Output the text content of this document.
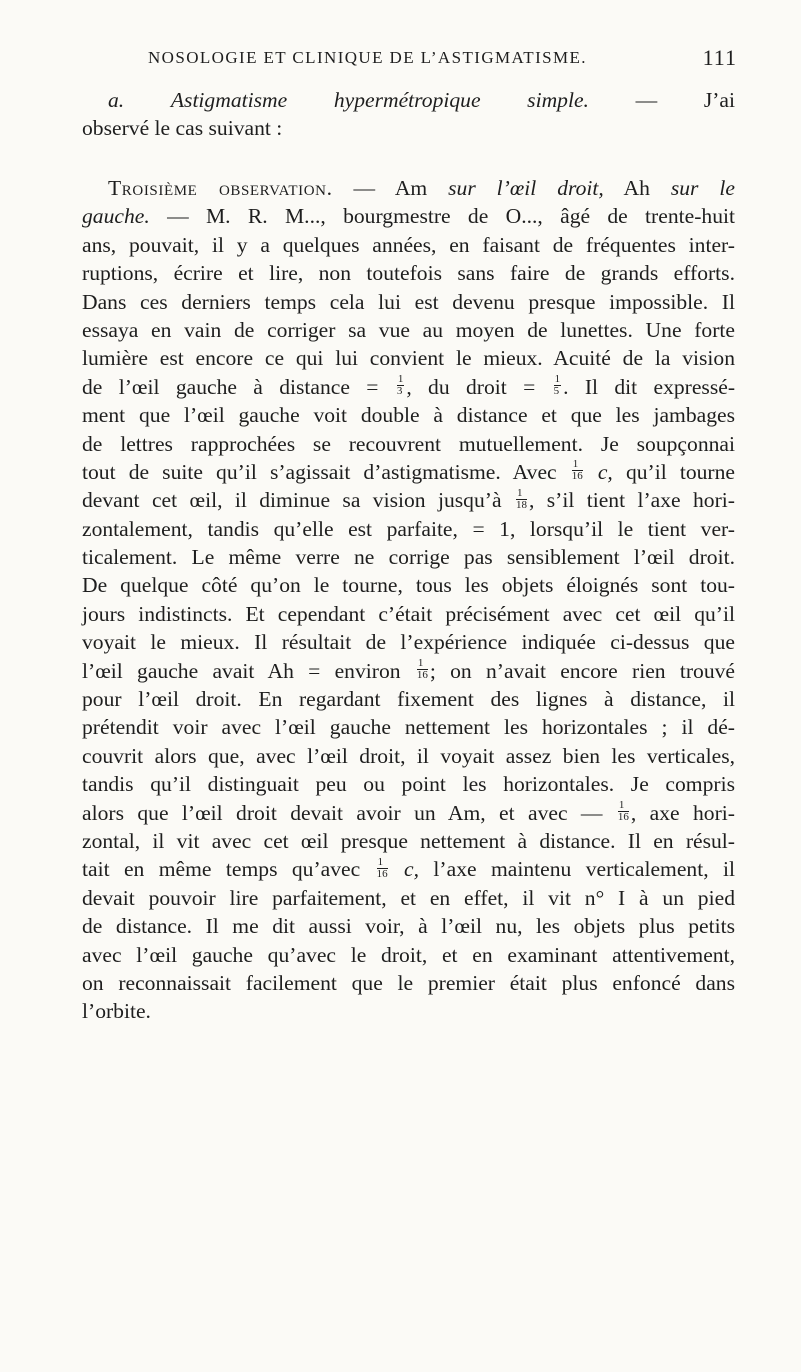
NOSOLOGIE ET CLINIQUE DE L’ASTIGMATISME.	111
a. Astigmatisme hypermétropique simple. — J’ai
observé le cas suivant :
Troisième observation. — Am sur l’œil droit, Ah sur le
gauche. — M. R. M..., bourgmestre de O..., âgé de trente-huit
ans, pouvait, il y a quelques années, en faisant de fréquentes inter-
ruptions, écrire et lire, non toutefois sans faire de grands efforts.
Dans ces derniers temps cela lui est devenu presque impossible. Il
essaya en vain de corriger sa vue au moyen de lunettes. Une forte
lumière est encore ce qui lui convient le mieux. Acuité de la vision
de l’œil gauche à distance = $\frac{1}{3}$ , du droit = $\frac{1}{5}$ . Il dit expressé-
ment que l’œil gauche voit double à distance et que les jambages
de lettres rapprochées se recouvrent mutuellement. Je soupçonnai
tout de suite qu’il s’agissait d’astigmatisme. Avec $\frac{1}{16} c$, qu’il tourne
devant cet œil, il diminue sa vision jusqu’à $\frac{1}{18}$ , s’il tient l’axe hori-
zontalement, tandis qu’elle est parfaite, = 1, lorsqu’il le tient ver-
ticalement. Le même verre ne corrige pas sensiblement l’œil droit.
De quelque côté qu’on le tourne, tous les objets éloignés sont tou-
jours indistincts. Et cependant c’était précisément avec cet œil qu’il
voyait le mieux. Il résultait de l’expérience indiquée ci-dessus que
l’œil gauche avait Ah = environ $\frac{1}{16}$ ; on n’avait encore rien trouvé
pour l’œil droit. En regardant fixement des lignes à distance, il
prétendit voir avec l’œil gauche nettement les horizontales ; il dé-
couvrit alors que, avec l’œil droit, il voyait assez bien les verticales,
tandis qu’il distinguait peu ou point les horizontales. Je compris
alors que l’œil droit devait avoir un Am, et avec — $\frac{1}{16}$ , axe hori-
zontal, il vit avec cet œil presque nettement à distance. Il en résul-
tait en même temps qu’avec $\frac{1}{16} c$, l’axe maintenu verticalement, il
devait pouvoir lire parfaitement, et en effet, il vit n° I à un pied
de distance. Il me dit aussi voir, à l’œil nu, les objets plus petits
avec l’œil gauche qu’avec le droit, et en examinant attentivement,
on reconnaissait facilement que le premier était plus enfoncé dans
l’orbite.
